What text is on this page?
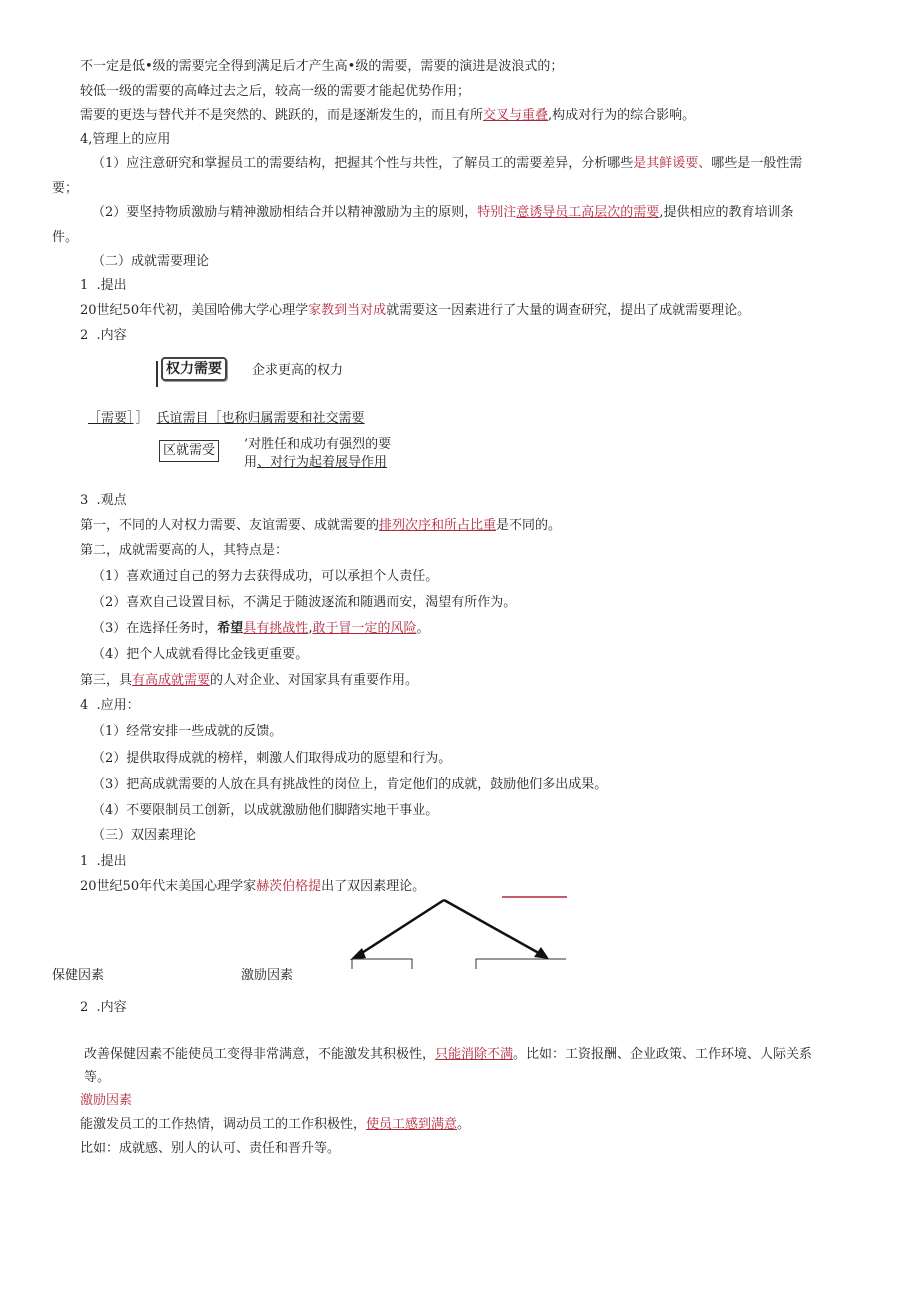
不一定是低•级的需要完全得到满足后才产生高•级的需要，需要的演进是波浪式的；
较低一级的需要的高峰过去之后，较高一级的需要才能起优势作用；
需要的更迭与替代并不是突然的、跳跃的，而是逐渐发生的，而且有所交叉与重叠,构成对行为的综合影响。
4,管理上的应用
（1）应注意研究和掌握员工的需要结构，把握其个性与共性，了解员工的需要差异，分析哪些是其鲜谖要、哪些是一般性需
要；
（2）要坚持物质激励与精神激励相结合并以精神激励为主的原则，特别注意诱导员工高层次的需要,提供相应的教育培训条
件。
（二）成就需要理论
1  .提出
20世纪50年代初，美国哈佛大学心理学家教到当对成就需要这一因素进行了大量的调查研究，提出了成就需要理论。
2  .内容
权力需要	企求更高的权力
［需要］ ］ 氏谊需目［也称归属需要和社交需要
区就需受	’对胜任和成功有强烈的要
用、对行为起着展导作用
3  .观点
第一，不同的人对权力需要、友谊需要、成就需要的排列次序和所占比重是不同的。
第二，成就需要高的人，其特点是：
（1）喜欢通过自己的努力去获得成功，可以承担个人责任。
（2）喜欢自己设置目标，不满足于随波逐流和随遇而安，渴望有所作为。
（3）在选择任务时，希望具有挑战性,敢于冒一定的风险。
（4）把个人成就看得比金钱更重要。
第三，具有高成就需要的人对企业、对国家具有重要作用。
4  .应用：
（1）经常安排一些成就的反馈。
（2）提供取得成就的榜样，刺激人们取得成功的愿望和行为。
（3）把高成就需要的人放在具有挑战性的岗位上，肯定他们的成就，鼓励他们多出成果。
（4）不要限制员工创新，以成就激励他们脚踏实地干事业。
（三）双因素理论
1  .提出
20世纪50年代末美国心理学家赫茨伯格提出了双因素理论。
保健因素	激励因素
2  .内容
改善保健因素不能使员工变得非常满意，不能激发其积极性，只能消除不满。比如：工资报酬、企业政策、工作环境、人际关系
等。
激励因素
能激发员工的工作热情，调动员工的工作积极性，使员工感到满意。
比如：成就感、别人的认可、责任和晋升等。
